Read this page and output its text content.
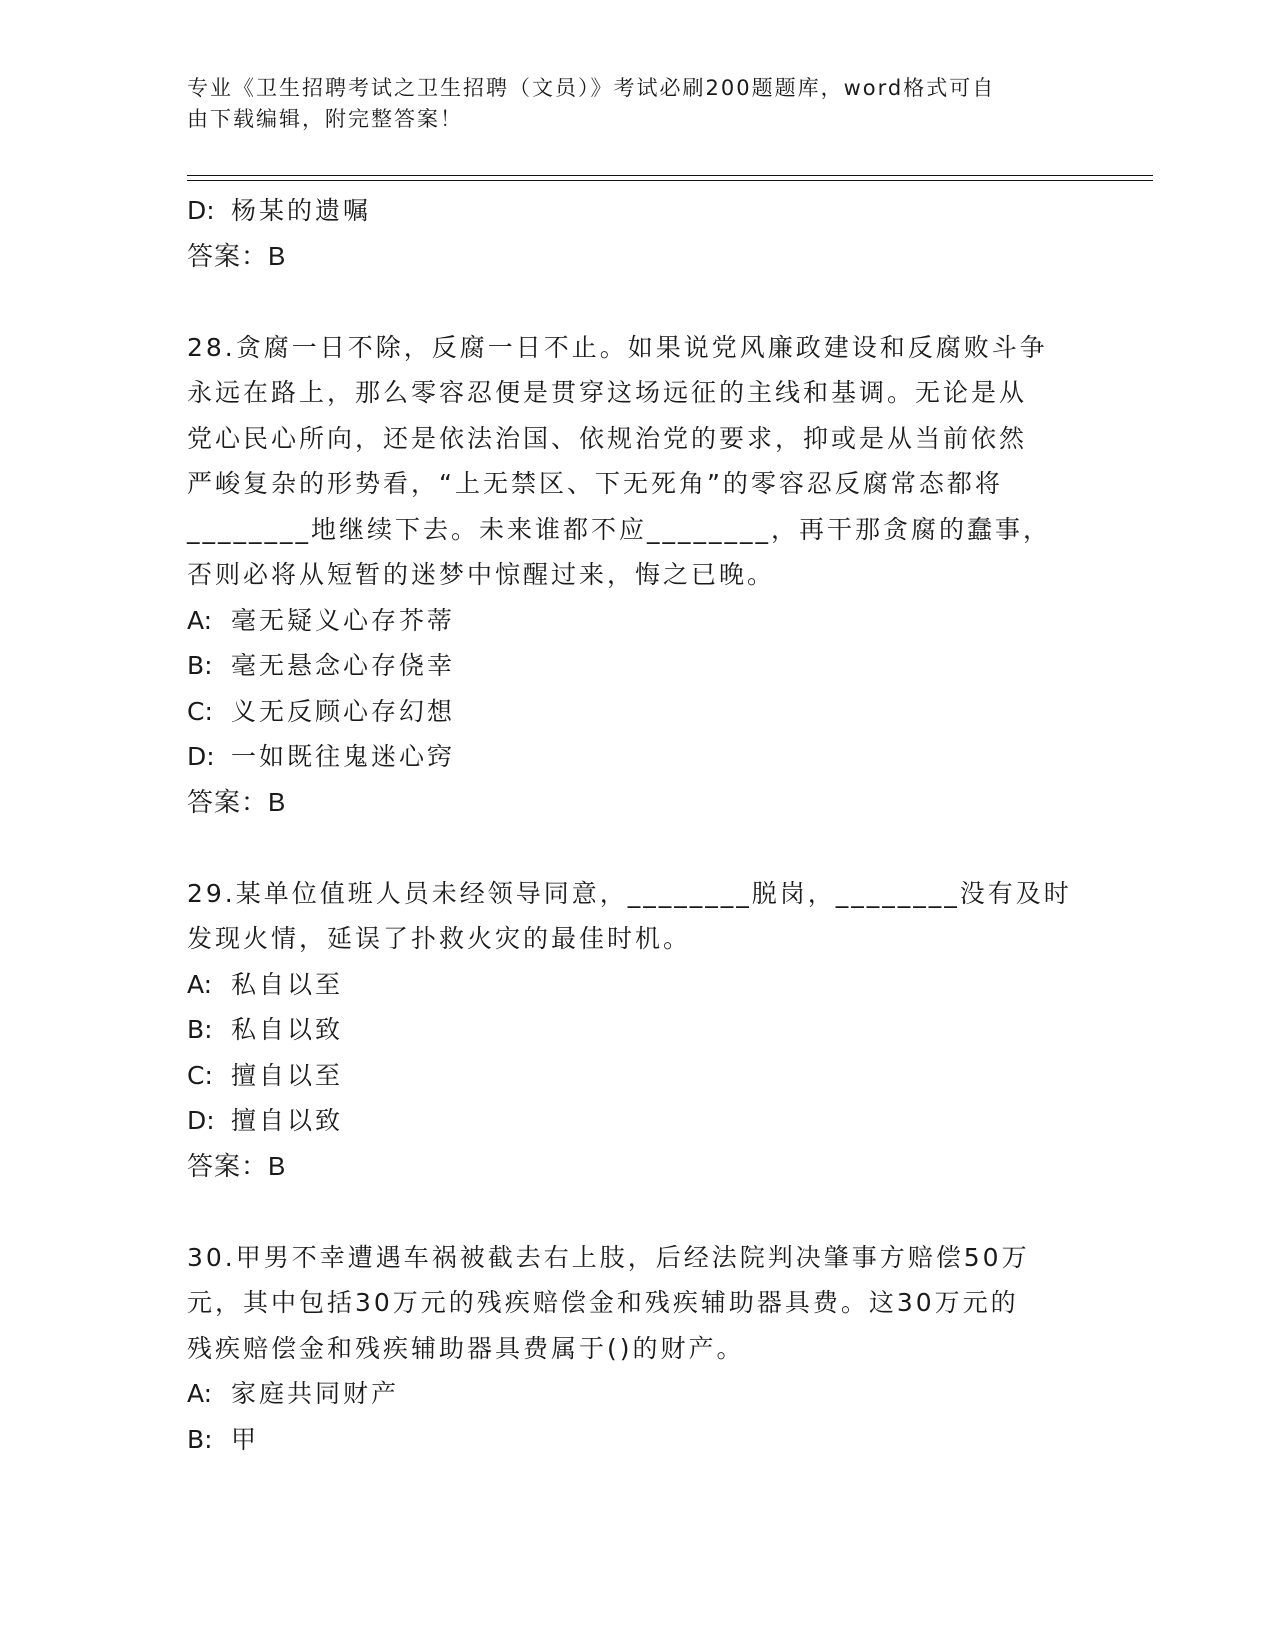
专业《卫生招聘考试之卫生招聘（文员）》考试必刷200题题库，word格式可自
由下载编辑，附完整答案！
D: 杨某的遗嘱
答案：B
28.贪腐一日不除，反腐一日不止。如果说党风廉政建设和反腐败斗争
永远在路上，那么零容忍便是贯穿这场远征的主线和基调。无论是从
党心民心所向，还是依法治国、依规治党的要求，抑或是从当前依然
严峻复杂的形势看，“上无禁区、下无死角”的零容忍反腐常态都将
________地继续下去。未来谁都不应________，再干那贪腐的蠢事，
否则必将从短暂的迷梦中惊醒过来，悔之已晚。
A: 毫无疑义心存芥蒂
B: 毫无悬念心存侥幸
C: 义无反顾心存幻想
D: 一如既往鬼迷心窍
答案：B
29.某单位值班人员未经领导同意，________脱岗，________没有及时
发现火情，延误了扑救火灾的最佳时机。
A: 私自以至
B: 私自以致
C: 擅自以至
D: 擅自以致
答案：B
30.甲男不幸遭遇车祸被截去右上肢，后经法院判决肇事方赔偿50万
元，其中包括30万元的残疾赔偿金和残疾辅助器具费。这30万元的
残疾赔偿金和残疾辅助器具费属于()的财产。
A: 家庭共同财产
B: 甲
